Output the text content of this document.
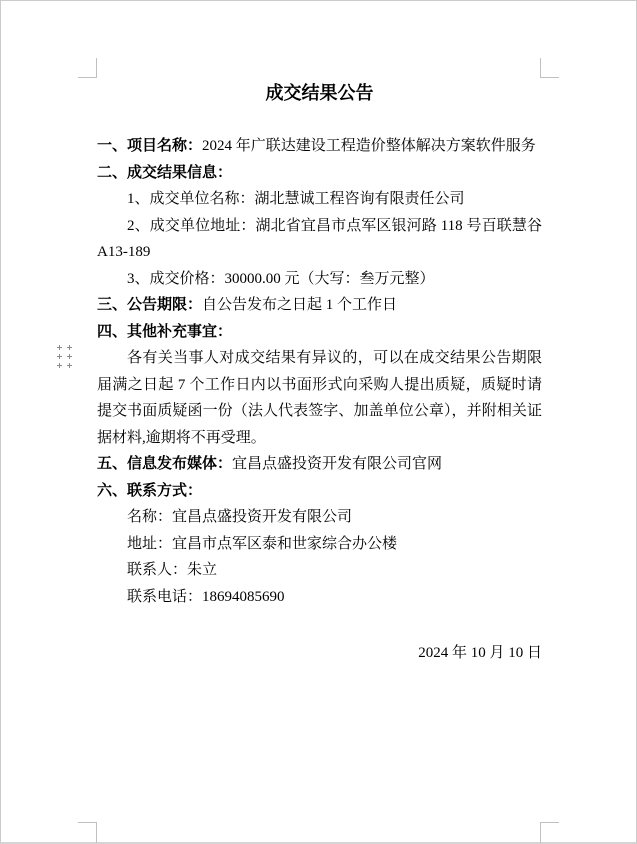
成交结果公告

一、项目名称：2024 年广联达建设工程造价整体解决方案软件服务

二、成交结果信息：

1、成交单位名称：湖北慧诚工程咨询有限责任公司

2、成交单位地址：湖北省宜昌市点军区银河路 118 号百联慧谷 A13-189

3、成交价格：30000.00 元（大写：叁万元整）

三、公告期限：自公告发布之日起 1 个工作日

四、其他补充事宜：

各有关当事人对成交结果有异议的，可以在成交结果公告期限届满之日起 7 个工作日内以书面形式向采购人提出质疑，质疑时请提交书面质疑函一份（法人代表签字、加盖单位公章），并附相关证据材料,逾期将不再受理。

五、信息发布媒体：宜昌点盛投资开发有限公司官网

六、联系方式：

名称：宜昌点盛投资开发有限公司

地址：宜昌市点军区泰和世家综合办公楼

联系人：朱立

联系电话：18694085690

2024 年 10 月 10 日
